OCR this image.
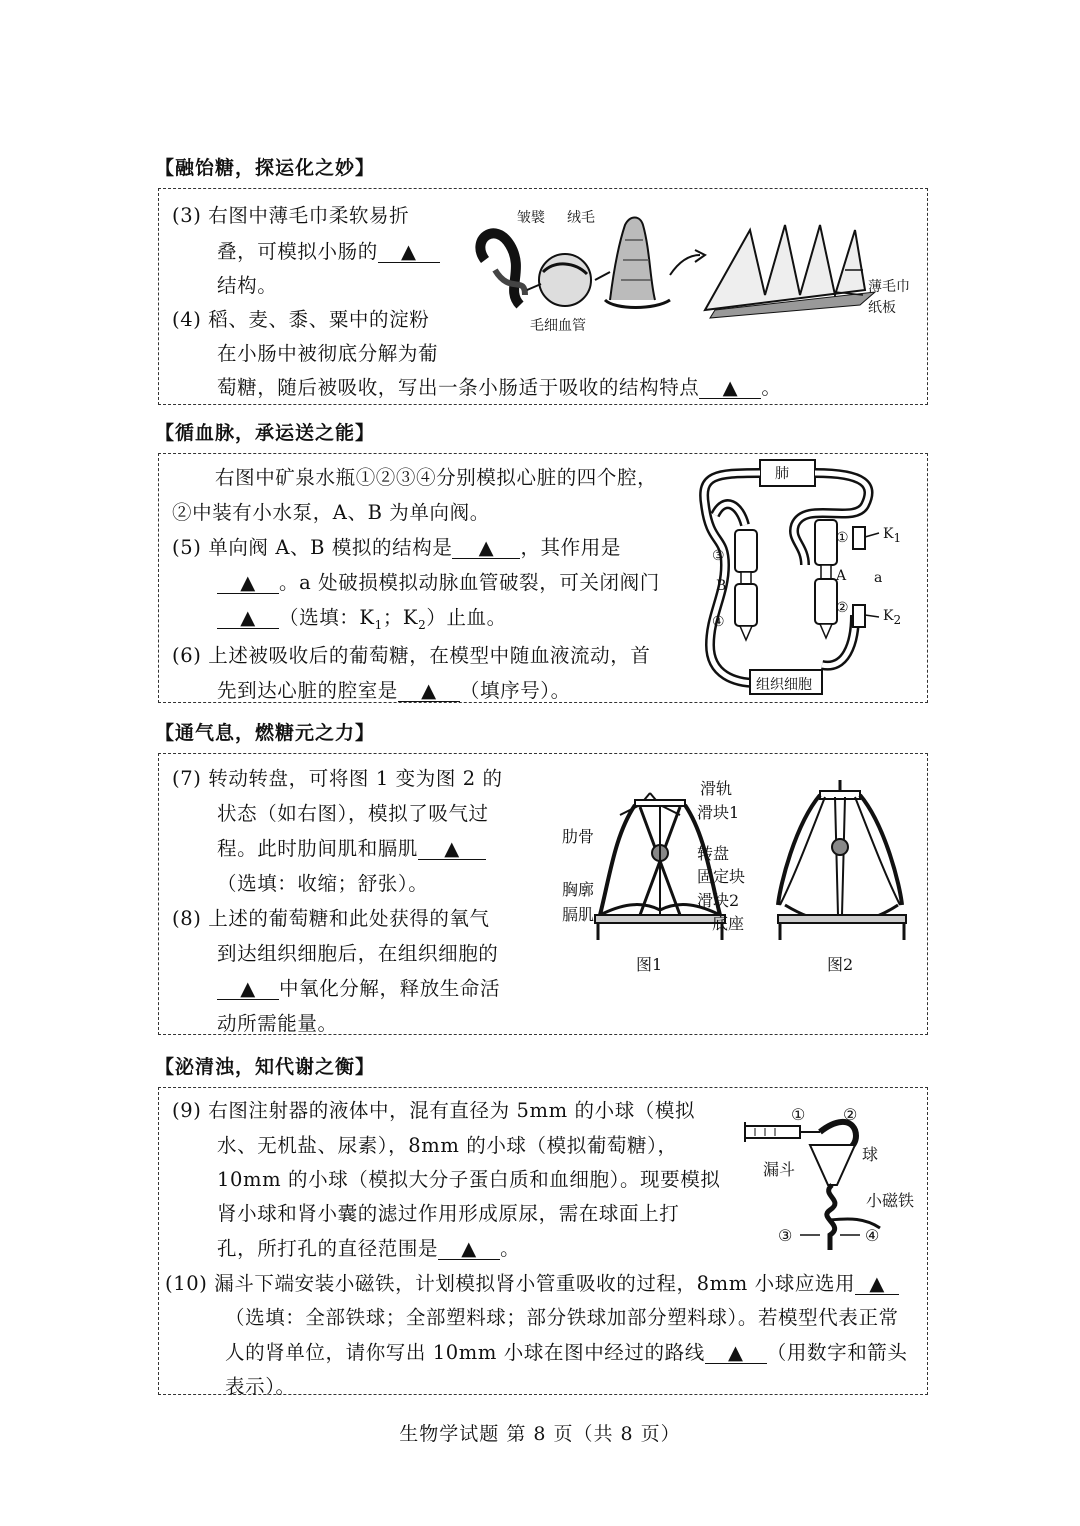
【融饴糖，探运化之妙】
(3) 右图中薄毛巾柔软易折
叠，可模拟小肠的 ▲
结构。
(4) 稻、麦、黍、粟中的淀粉
在小肠中被彻底分解为葡
萄糖，随后被吸收，写出一条小肠适于吸收的结构特点 ▲ 。
皱襞 绒毛
毛细血管
薄毛巾
纸板
【循血脉，承运送之能】
右图中矿泉水瓶①②③④分别模拟心脏的四个腔，
②中装有小水泵，A、B 为单向阀。
(5) 单向阀 A、B 模拟的结构是 ▲ ，其作用是
▲ 。a 处破损模拟动脉血管破裂，可关闭阀门
▲ （选填：$K_1$；$K_2$）止血。
(6) 上述被吸收后的葡萄糖，在模型中随血液流动，首
先到达心脏的腔室是 ▲ （填序号）。
肺
组织细胞
①
②
③
④
A
B	a
$K_1$
$K_2$
【通气息，燃糖元之力】
(7) 转动转盘，可将图 1 变为图 2 的
状态（如右图），模拟了吸气过
程。此时肋间肌和膈肌 ▲
（选填：收缩；舒张）。
(8) 上述的葡萄糖和此处获得的氧气
到达组织细胞后，在组织细胞的
▲ 中氧化分解，释放生命活
动所需能量。
滑轨
滑块1
肋骨
转盘
固定块
胸廓
滑块2
膈肌	底座
图1	图2
【泌清浊，知代谢之衡】
(9) 右图注射器的液体中，混有直径为 5mm 的小球（模拟
水、无机盐、尿素），8mm 的小球（模拟葡萄糖），
10mm 的小球（模拟大分子蛋白质和血细胞）。现要模拟
肾小球和肾小囊的滤过作用形成原尿，需在球面上打
孔，所打孔的直径范围是 ▲ 。
(10) 漏斗下端安装小磁铁，计划模拟肾小管重吸收的过程，8mm 小球应选用 ▲
（选填：全部铁球；全部塑料球；部分铁球加部分塑料球）。若模型代表正常
人的肾单位，请你写出 10mm 小球在图中经过的路线 ▲ （用数字和箭头
表示）。
① ②
球
漏斗
小磁铁
③	④
生物学试题 第 8 页（共 8 页）
